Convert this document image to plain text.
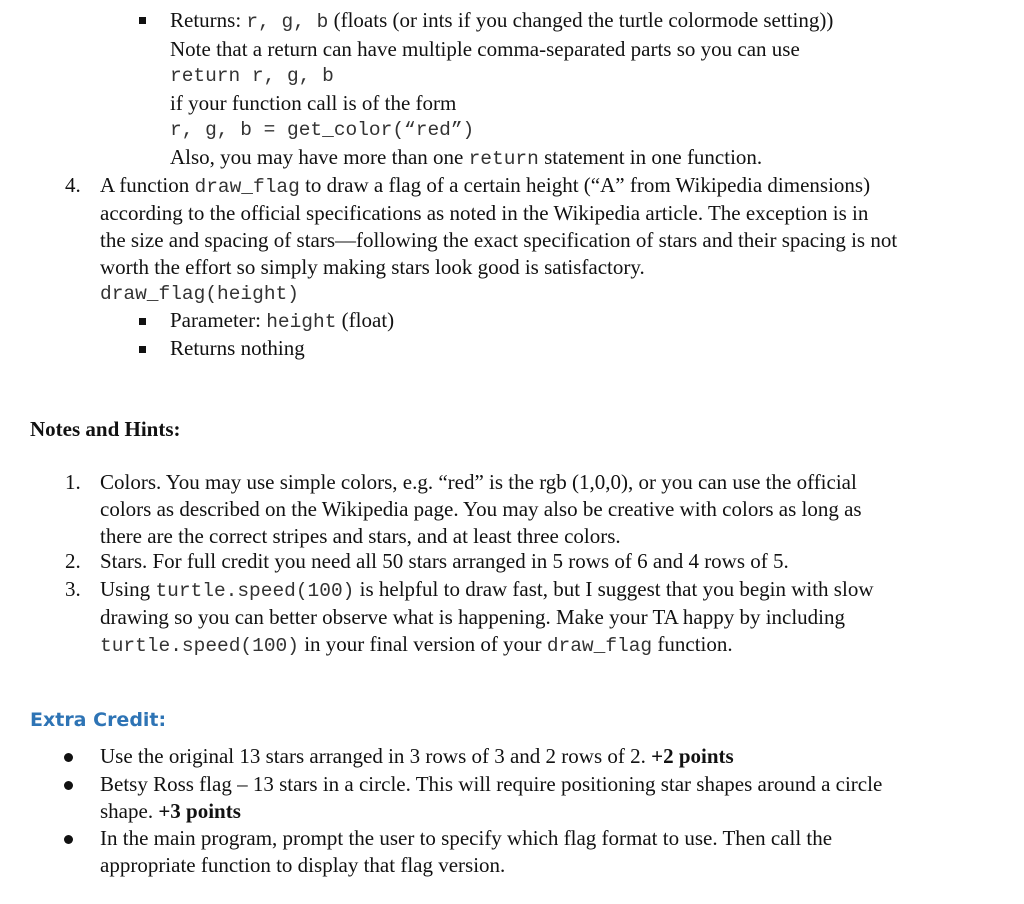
Returns: r, g, b (floats (or ints if you changed the turtle colormode setting))
Note that a return can have multiple comma-separated parts so you can use
return r, g, b
if your function call is of the form
r, g, b = get_color(“red”)
Also, you may have more than one return statement in one function.
4. A function draw_flag to draw a flag of a certain height (“A” from Wikipedia dimensions)
according to the official specifications as noted in the Wikipedia article. The exception is in
the size and spacing of stars—following the exact specification of stars and their spacing is not
worth the effort so simply making stars look good is satisfactory.
draw_flag(height)
Parameter: height (float)
Returns nothing
Notes and Hints:
1. Colors. You may use simple colors, e.g. “red” is the rgb (1,0,0), or you can use the official
colors as described on the Wikipedia page. You may also be creative with colors as long as
there are the correct stripes and stars, and at least three colors.
2. Stars. For full credit you need all 50 stars arranged in 5 rows of 6 and 4 rows of 5.
3. Using turtle.speed(100) is helpful to draw fast, but I suggest that you begin with slow
drawing so you can better observe what is happening. Make your TA happy by including
turtle.speed(100) in your final version of your draw_flag function.
Extra Credit:
Use the original 13 stars arranged in 3 rows of 3 and 2 rows of 2. +2 points
Betsy Ross flag – 13 stars in a circle. This will require positioning star shapes around a circle
shape. +3 points
In the main program, prompt the user to specify which flag format to use. Then call the
appropriate function to display that flag version.
